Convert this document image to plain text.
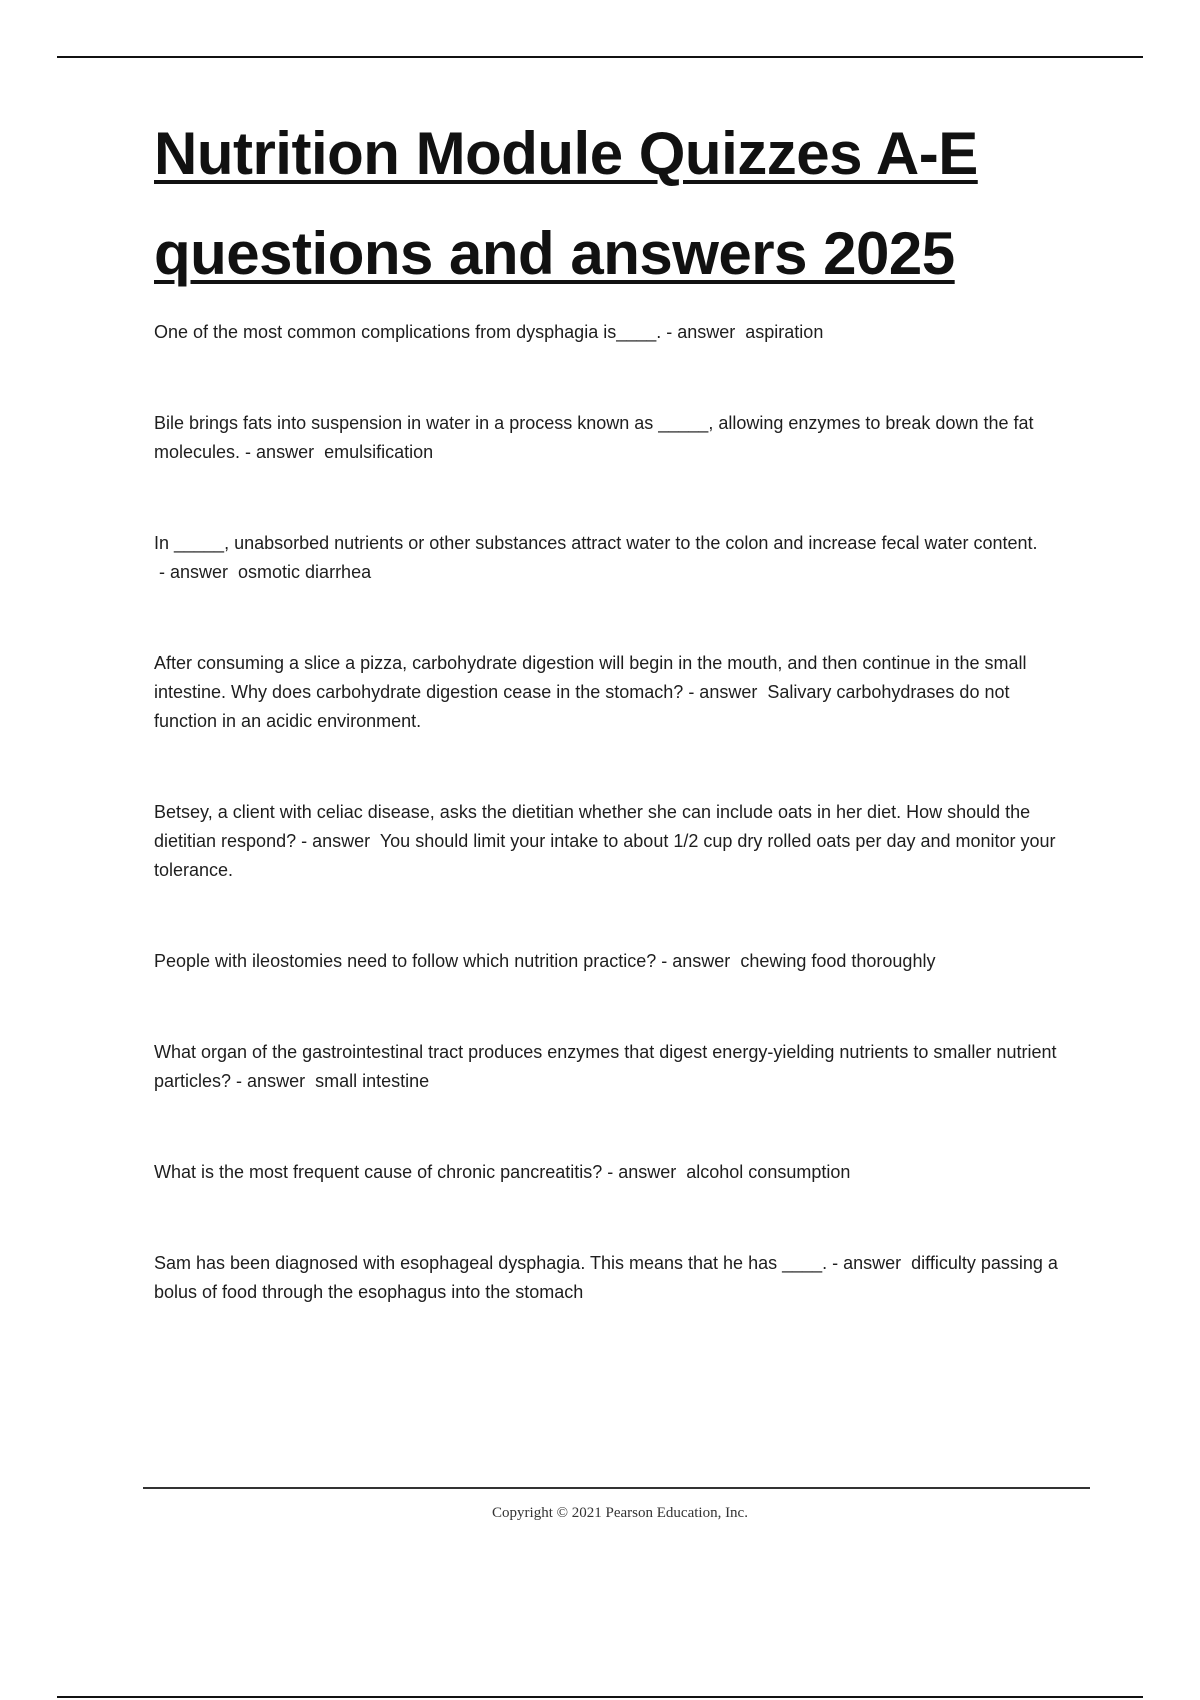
Nutrition Module Quizzes A-E
questions and answers 2025

One of the most common complications from dysphagia is____. - answer  aspiration

Bile brings fats into suspension in water in a process known as _____, allowing enzymes to break down the fat molecules. - answer  emulsification

In _____, unabsorbed nutrients or other substances attract water to the colon and increase fecal water content. - answer  osmotic diarrhea

After consuming a slice a pizza, carbohydrate digestion will begin in the mouth, and then continue in the small intestine. Why does carbohydrate digestion cease in the stomach? - answer  Salivary carbohydrases do not function in an acidic environment.

Betsey, a client with celiac disease, asks the dietitian whether she can include oats in her diet. How should the dietitian respond? - answer  You should limit your intake to about 1/2 cup dry rolled oats per day and monitor your tolerance.

People with ileostomies need to follow which nutrition practice? - answer  chewing food thoroughly

What organ of the gastrointestinal tract produces enzymes that digest energy-yielding nutrients to smaller nutrient particles? - answer  small intestine

What is the most frequent cause of chronic pancreatitis? - answer  alcohol consumption

Sam has been diagnosed with esophageal dysphagia. This means that he has ____. - answer  difficulty passing a bolus of food through the esophagus into the stomach

Copyright © 2021 Pearson Education, Inc.
